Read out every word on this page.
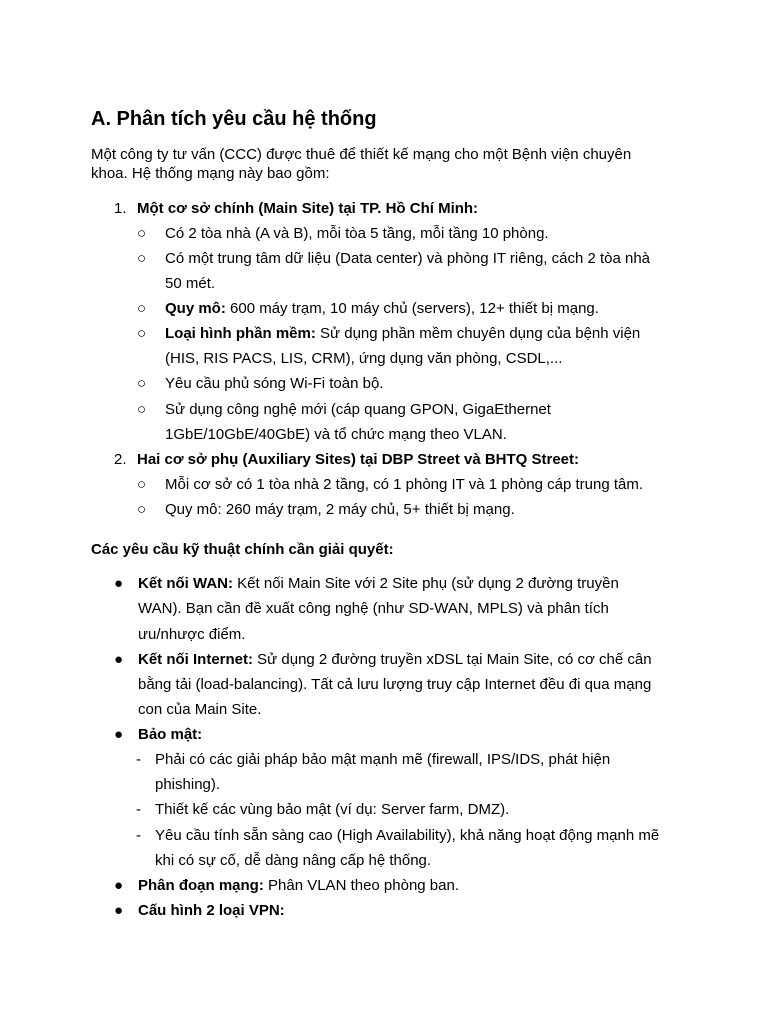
A. Phân tích yêu cầu hệ thống
Một công ty tư vấn (CCC) được thuê để thiết kế mạng cho một Bệnh viện chuyên
khoa. Hệ thống mạng này bao gồm:
1. Một cơ sở chính (Main Site) tại TP. Hồ Chí Minh:
○ Có 2 tòa nhà (A và B), mỗi tòa 5 tầng, mỗi tầng 10 phòng.
○ Có một trung tâm dữ liệu (Data center) và phòng IT riêng, cách 2 tòa nhà
50 mét.
○ Quy mô: 600 máy trạm, 10 máy chủ (servers), 12+ thiết bị mạng.
○ Loại hình phần mềm: Sử dụng phần mềm chuyên dụng của bệnh viện
(HIS, RIS PACS, LIS, CRM), ứng dụng văn phòng, CSDL,...
○ Yêu cầu phủ sóng Wi-Fi toàn bộ.
○ Sử dụng công nghệ mới (cáp quang GPON, GigaEthernet
1GbE/10GbE/40GbE) và tổ chức mạng theo VLAN.
2. Hai cơ sở phụ (Auxiliary Sites) tại DBP Street và BHTQ Street:
○ Mỗi cơ sở có 1 tòa nhà 2 tầng, có 1 phòng IT và 1 phòng cáp trung tâm.
○ Quy mô: 260 máy trạm, 2 máy chủ, 5+ thiết bị mạng.
Các yêu cầu kỹ thuật chính cần giải quyết:
● Kết nối WAN: Kết nối Main Site với 2 Site phụ (sử dụng 2 đường truyền
WAN). Bạn cần đề xuất công nghệ (như SD-WAN, MPLS) và phân tích
ưu/nhược điểm.
● Kết nối Internet: Sử dụng 2 đường truyền xDSL tại Main Site, có cơ chế cân
bằng tải (load-balancing). Tất cả lưu lượng truy cập Internet đều đi qua mạng
con của Main Site.
● Bảo mật:
- Phải có các giải pháp bảo mật mạnh mẽ (firewall, IPS/IDS, phát hiện
phishing).
- Thiết kế các vùng bảo mật (ví dụ: Server farm, DMZ).
- Yêu cầu tính sẵn sàng cao (High Availability), khả năng hoạt động mạnh mẽ
khi có sự cố, dễ dàng nâng cấp hệ thống.
● Phân đoạn mạng: Phân VLAN theo phòng ban.
● Cấu hình 2 loại VPN:
